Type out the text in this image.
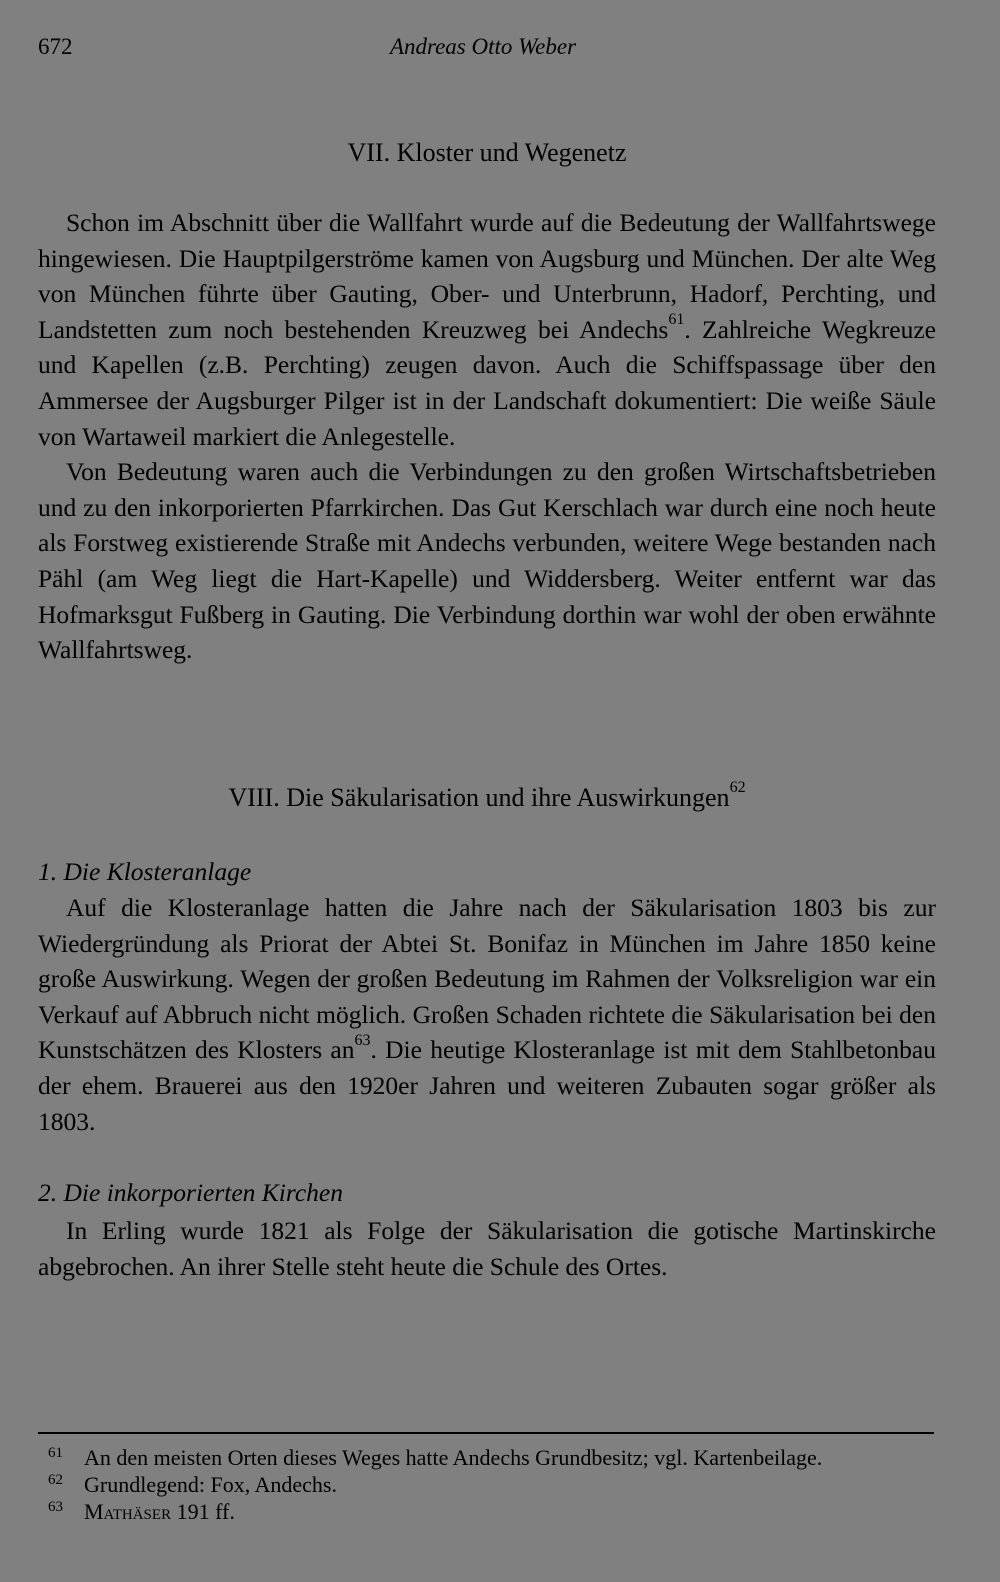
672	Andreas Otto Weber
VII. Kloster und Wegenetz

Schon im Abschnitt über die Wallfahrt wurde auf die Bedeutung der Wallfahrtswege hingewiesen. Die Hauptpilgerströme kamen von Augsburg und München. Der alte Weg von München führte über Gauting, Ober- und Unterbrunn, Hadorf, Perchting, und Landstetten zum noch bestehenden Kreuzweg bei Andechs$^{61}$. Zahlreiche Wegkreuze und Kapellen (z.B. Perchting) zeugen davon. Auch die Schiffspassage über den Ammersee der Augsburger Pilger ist in der Landschaft dokumentiert: Die weiße Säule von Wartaweil markiert die Anlegestelle.

Von Bedeutung waren auch die Verbindungen zu den großen Wirtschaftsbetrieben und zu den inkorporierten Pfarrkirchen. Das Gut Kerschlach war durch eine noch heute als Forstweg existierende Straße mit Andechs verbunden, weitere Wege bestanden nach Pähl (am Weg liegt die Hart-Kapelle) und Widdersberg. Weiter entfernt war das Hofmarksgut Fußberg in Gauting. Die Verbindung dorthin war wohl der oben erwähnte Wallfahrtsweg.

VIII. Die Säkularisation und ihre Auswirkungen$^{62}$
1. Die Klosteranlage

Auf die Klosteranlage hatten die Jahre nach der Säkularisation 1803 bis zur Wiedergründung als Priorat der Abtei St. Bonifaz in München im Jahre 1850 keine große Auswirkung. Wegen der großen Bedeutung im Rahmen der Volksreligion war ein Verkauf auf Abbruch nicht möglich. Großen Schaden richtete die Säkularisation bei den Kunstschätzen des Klosters $an^{63}$. Die heutige Klosteranlage ist mit dem Stahlbetonbau der ehem. Brauerei aus den 1920er Jahren und weiteren Zubauten sogar größer als 1803.

2. Die inkorporierten Kirchen

In Erling wurde 1821 als Folge der Säkularisation die gotische Martinskirche abgebrochen. An ihrer Stelle steht heute die Schule des Ortes.

61 An den meisten Orten dieses Weges hatte Andechs Grundbesitz; vgl. Kartenbeilage.
62 Grundlegend: Fox, Andechs.
63 Mathäser 191 ff.
